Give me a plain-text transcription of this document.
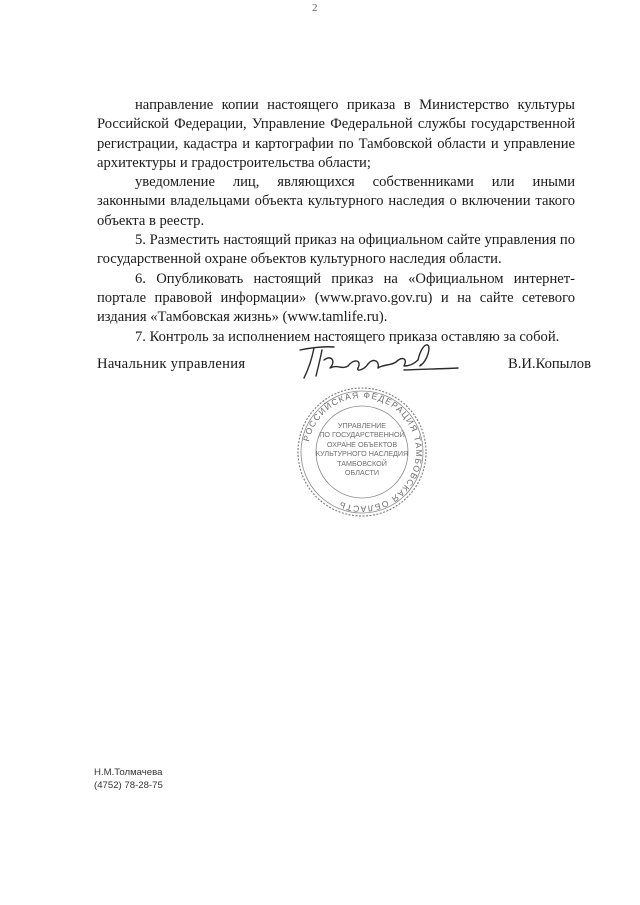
2

направление копии настоящего приказа в Министерство культуры Российской Федерации, Управление Федеральной службы государственной регистрации, кадастра и картографии по Тамбовской области и управление архитектуры и градостроительства области;

уведомление лиц, являющихся собственниками или иными законными владельцами объекта культурного наследия о включении такого объекта в реестр.

5. Разместить настоящий приказ на официальном сайте управления по государственной охране объектов культурного наследия области.

6. Опубликовать настоящий приказ на «Официальном интернет-портале правовой информации» (www.pravo.gov.ru) и на сайте сетевого издания «Тамбовская жизнь» (www.tamlife.ru).

7. Контроль за исполнением настоящего приказа оставляю за собой.

Начальник управления	В.И.Копылов
РОССИЙСКАЯ ФЕДЕРАЦИЯ ТАМБОВСКАЯ ОБЛАСТЬ
УПРАВЛЕНИЕ
ПО ГОСУДАРСТВЕННОЙ
ОХРАНЕ ОБЪЕКТОВ
КУЛЬТУРНОГО НАСЛЕДИЯ
ТАМБОВСКОЙ
ОБЛАСТИ
Н.М.Толмачева
(4752) 78-28-75
